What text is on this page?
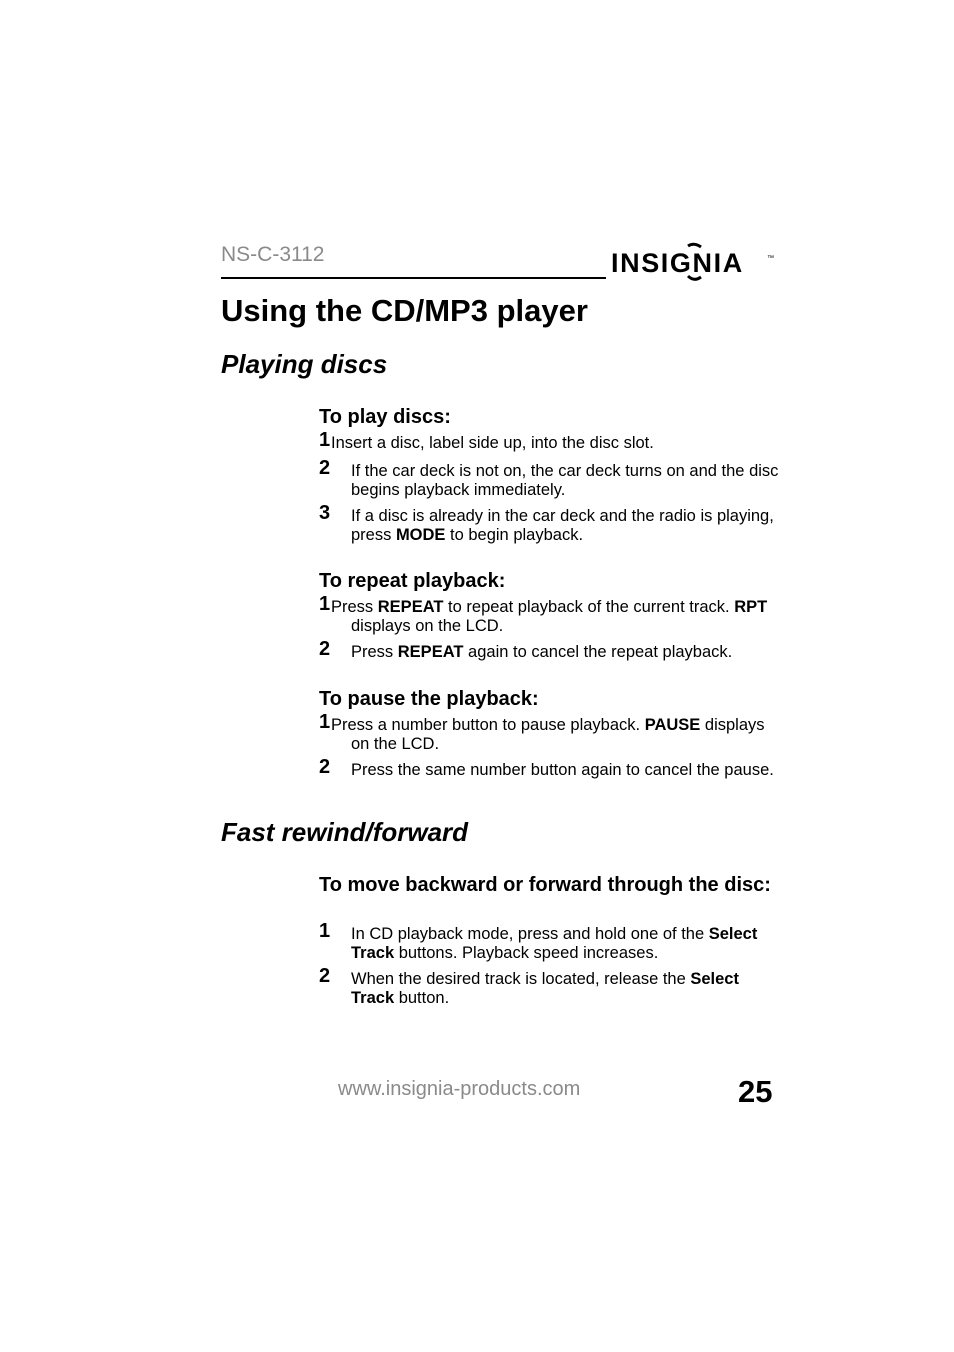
NS-C-3112	INSIGNIA	™
Using the CD/MP3 player
Playing discs
To play discs:
1 Insert a disc, label side up, into the disc slot.
2	If the car deck is not on, the car deck turns on and the disc begins playback immediately.
3	If a disc is already in the car deck and the radio is playing, press MODE to begin playback.
To repeat playback:
1 Press REPEAT to repeat playback of the current track. RPT displays on the LCD.
2	Press REPEAT again to cancel the repeat playback.
To pause the playback:
1 Press a number button to pause playback. PAUSE displays on the LCD.
2	Press the same number button again to cancel the pause.
Fast rewind/forward
To move backward or forward through the disc:
1	In CD playback mode, press and hold one of the Select Track buttons. Playback speed increases.
2	When the desired track is located, release the Select Track button.
www.insignia-products.com	25
